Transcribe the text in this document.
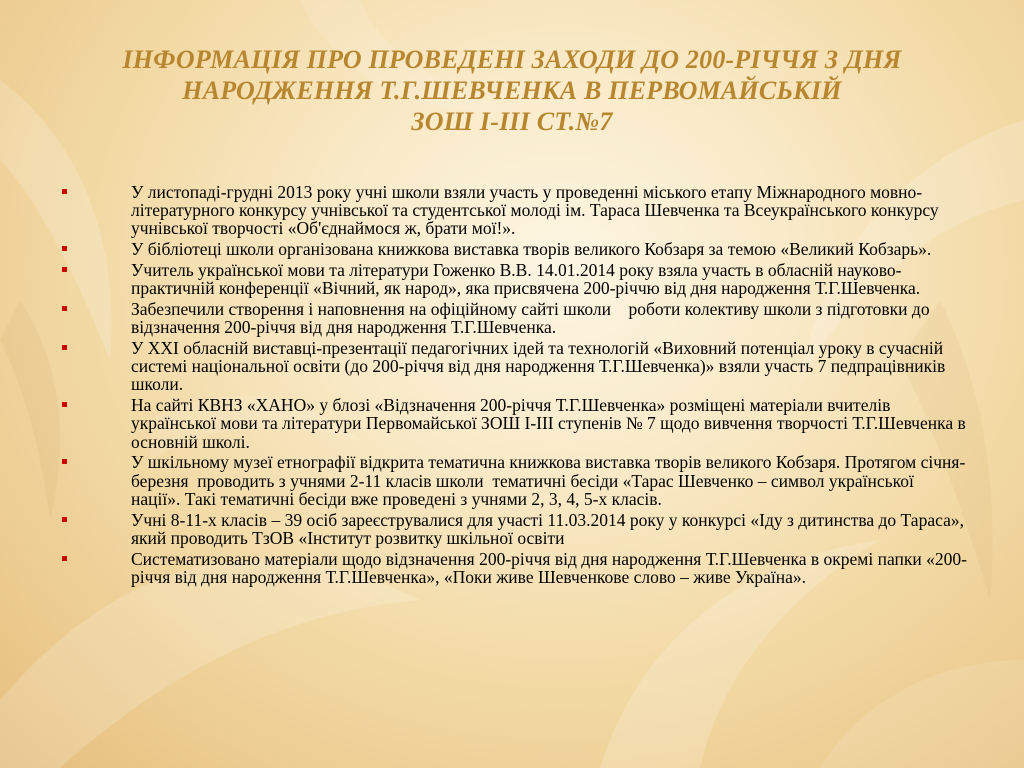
ІНФОРМАЦІЯ ПРО ПРОВЕДЕНІ ЗАХОДИ ДО 200-РІЧЧЯ З ДНЯ
НАРОДЖЕННЯ Т.Г.ШЕВЧЕНКА В ПЕРВОМАЙСЬКІЙ
ЗОШ І-ІІІ СТ.№7
У листопаді-грудні 2013 року учні школи взяли участь у проведенні міського етапу Міжнародного мовно-літературного конкурсу учнівської та студентської молоді ім. Тараса Шевченка та Всеукраїнського конкурсу учнівської творчості «Об'єднаймося ж, брати мої!».
У бібліотеці школи організована книжкова виставка творів великого Кобзаря за темою «Великий Кобзарь».
Учитель української мови та літератури Гоженко В.В. 14.01.2014 року взяла участь в обласній науково-практичній конференції «Вічний, як народ», яка присвячена 200-річчю від дня народження Т.Г.Шевченка.
Забезпечили створення і наповнення на офіційному сайті школи    роботи колективу школи з підготовки до відзначення 200-річчя від дня народження Т.Г.Шевченка.
У XXI обласній виставці-презентації педагогічних ідей та технологій «Виховний потенціал уроку в сучасній системі національної освіти (до 200-річчя від дня народження Т.Г.Шевченка)» взяли участь 7 педпрацівників школи.
На сайті КВНЗ «ХАНО» у блозі «Відзначення 200-річчя Т.Г.Шевченка» розміщені матеріали вчителів української мови та літератури Первомайської ЗОШ І-ІІІ ступенів № 7 щодо вивчення творчості Т.Г.Шевченка в основній школі.
У шкільному музеї етнографії відкрита тематична книжкова виставка творів великого Кобзаря. Протягом січня-березня  проводить з учнями 2-11 класів школи  тематичні бесіди «Тарас Шевченко – символ української нації». Такі тематичні бесіди вже проведені з учнями 2, 3, 4, 5-х класів.
Учні 8-11-х класів – 39 осіб зареєструвалися для участі 11.03.2014 року у конкурсі «Іду з дитинства до Тараса», який проводить ТзОВ «Інститут розвитку шкільної освіти
Систематизовано матеріали щодо відзначення 200-річчя від дня народження Т.Г.Шевченка в окремі папки «200-річчя від дня народження Т.Г.Шевченка», «Поки живе Шевченкове слово – живе Україна».
